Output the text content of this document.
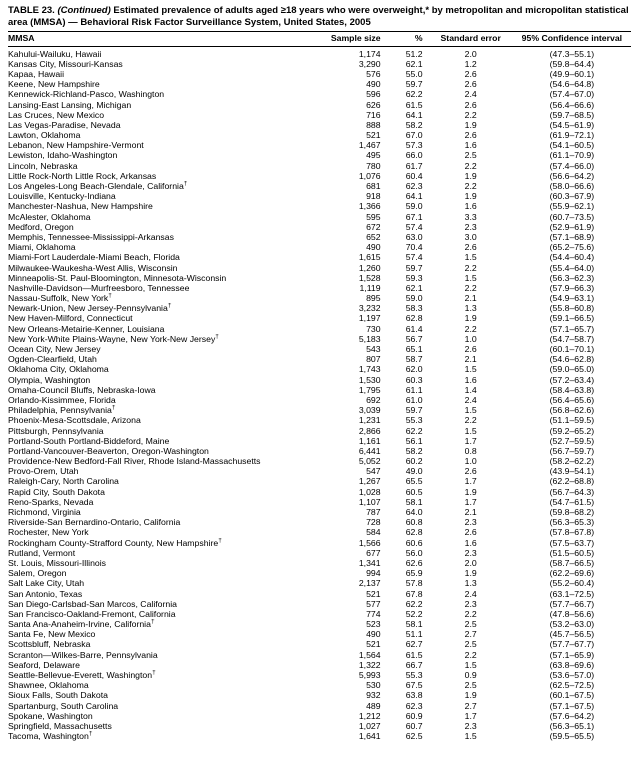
TABLE 23. (Continued) Estimated prevalence of adults aged ≥18 years who were overweight,* by metropolitan and micropolitan statistical area (MMSA) — Behavioral Risk Factor Surveillance System, United States, 2005
MMSA	Sample size	%	Standard error	95% Confidence interval
Kahului-Wailuku, Hawaii	1,174	51.2	2.0	(47.3–55.1)
Kansas City, Missouri-Kansas	3,290	62.1	1.2	(59.8–64.4)
Kapaa, Hawaii	576	55.0	2.6	(49.9–60.1)
Keene, New Hampshire	490	59.7	2.6	(54.6–64.8)
Kennewick-Richland-Pasco, Washington	596	62.2	2.4	(57.4–67.0)
Lansing-East Lansing, Michigan	626	61.5	2.6	(56.4–66.6)
Las Cruces, New Mexico	716	64.1	2.2	(59.7–68.5)
Las Vegas-Paradise, Nevada	888	58.2	1.9	(54.5–61.9)
Lawton, Oklahoma	521	67.0	2.6	(61.9–72.1)
Lebanon, New Hampshire-Vermont	1,467	57.3	1.6	(54.1–60.5)
Lewiston, Idaho-Washington	495	66.0	2.5	(61.1–70.9)
Lincoln, Nebraska	780	61.7	2.2	(57.4–66.0)
Little Rock-North Little Rock, Arkansas	1,076	60.4	1.9	(56.6–64.2)
Los Angeles-Long Beach-Glendale, California†	681	62.3	2.2	(58.0–66.6)
Louisville, Kentucky-Indiana	918	64.1	1.9	(60.3–67.9)
Manchester-Nashua, New Hampshire	1,366	59.0	1.6	(55.9–62.1)
McAlester, Oklahoma	595	67.1	3.3	(60.7–73.5)
Medford, Oregon	672	57.4	2.3	(52.9–61.9)
Memphis, Tennessee-Mississippi-Arkansas	652	63.0	3.0	(57.1–68.9)
Miami, Oklahoma	490	70.4	2.6	(65.2–75.6)
Miami-Fort Lauderdale-Miami Beach, Florida	1,615	57.4	1.5	(54.4–60.4)
Milwaukee-Waukesha-West Allis, Wisconsin	1,260	59.7	2.2	(55.4–64.0)
Minneapolis-St. Paul-Bloomington, Minnesota-Wisconsin	1,528	59.3	1.5	(56.3–62.3)
Nashville-Davidson—Murfreesboro, Tennessee	1,119	62.1	2.2	(57.9–66.3)
Nassau-Suffolk, New York†	895	59.0	2.1	(54.9–63.1)
Newark-Union, New Jersey-Pennsylvania†	3,232	58.3	1.3	(55.8–60.8)
New Haven-Milford, Connecticut	1,197	62.8	1.9	(59.1–66.5)
New Orleans-Metairie-Kenner, Louisiana	730	61.4	2.2	(57.1–65.7)
New York-White Plains-Wayne, New York-New Jersey†	5,183	56.7	1.0	(54.7–58.7)
Ocean City, New Jersey	543	65.1	2.6	(60.1–70.1)
Ogden-Clearfield, Utah	807	58.7	2.1	(54.6–62.8)
Oklahoma City, Oklahoma	1,743	62.0	1.5	(59.0–65.0)
Olympia, Washington	1,530	60.3	1.6	(57.2–63.4)
Omaha-Council Bluffs, Nebraska-Iowa	1,795	61.1	1.4	(58.4–63.8)
Orlando-Kissimmee, Florida	692	61.0	2.4	(56.4–65.6)
Philadelphia, Pennsylvania†	3,039	59.7	1.5	(56.8–62.6)
Phoenix-Mesa-Scottsdale, Arizona	1,231	55.3	2.2	(51.1–59.5)
Pittsburgh, Pennsylvania	2,866	62.2	1.5	(59.2–65.2)
Portland-South Portland-Biddeford, Maine	1,161	56.1	1.7	(52.7–59.5)
Portland-Vancouver-Beaverton, Oregon-Washington	6,441	58.2	0.8	(56.7–59.7)
Providence-New Bedford-Fall River, Rhode Island-Massachusetts	5,052	60.2	1.0	(58.2–62.2)
Provo-Orem, Utah	547	49.0	2.6	(43.9–54.1)
Raleigh-Cary, North Carolina	1,267	65.5	1.7	(62.2–68.8)
Rapid City, South Dakota	1,028	60.5	1.9	(56.7–64.3)
Reno-Sparks, Nevada	1,107	58.1	1.7	(54.7–61.5)
Richmond, Virginia	787	64.0	2.1	(59.8–68.2)
Riverside-San Bernardino-Ontario, California	728	60.8	2.3	(56.3–65.3)
Rochester, New York	584	62.8	2.6	(57.8–67.8)
Rockingham County-Strafford County, New Hampshire†	1,566	60.6	1.6	(57.5–63.7)
Rutland, Vermont	677	56.0	2.3	(51.5–60.5)
St. Louis, Missouri-Illinois	1,341	62.6	2.0	(58.7–66.5)
Salem, Oregon	994	65.9	1.9	(62.2–69.6)
Salt Lake City, Utah	2,137	57.8	1.3	(55.2–60.4)
San Antonio, Texas	521	67.8	2.4	(63.1–72.5)
San Diego-Carlsbad-San Marcos, California	577	62.2	2.3	(57.7–66.7)
San Francisco-Oakland-Fremont, California	774	52.2	2.2	(47.8–56.6)
Santa Ana-Anaheim-Irvine, California†	523	58.1	2.5	(53.2–63.0)
Santa Fe, New Mexico	490	51.1	2.7	(45.7–56.5)
Scottsbluff, Nebraska	521	62.7	2.5	(57.7–67.7)
Scranton—Wilkes-Barre, Pennsylvania	1,564	61.5	2.2	(57.1–65.9)
Seaford, Delaware	1,322	66.7	1.5	(63.8–69.6)
Seattle-Bellevue-Everett, Washington†	5,993	55.3	0.9	(53.6–57.0)
Shawnee, Oklahoma	530	67.5	2.5	(62.5–72.5)
Sioux Falls, South Dakota	932	63.8	1.9	(60.1–67.5)
Spartanburg, South Carolina	489	62.3	2.7	(57.1–67.5)
Spokane, Washington	1,212	60.9	1.7	(57.6–64.2)
Springfield, Massachusetts	1,027	60.7	2.3	(56.3–65.1)
Tacoma, Washington†	1,641	62.5	1.5	(59.5–65.5)
